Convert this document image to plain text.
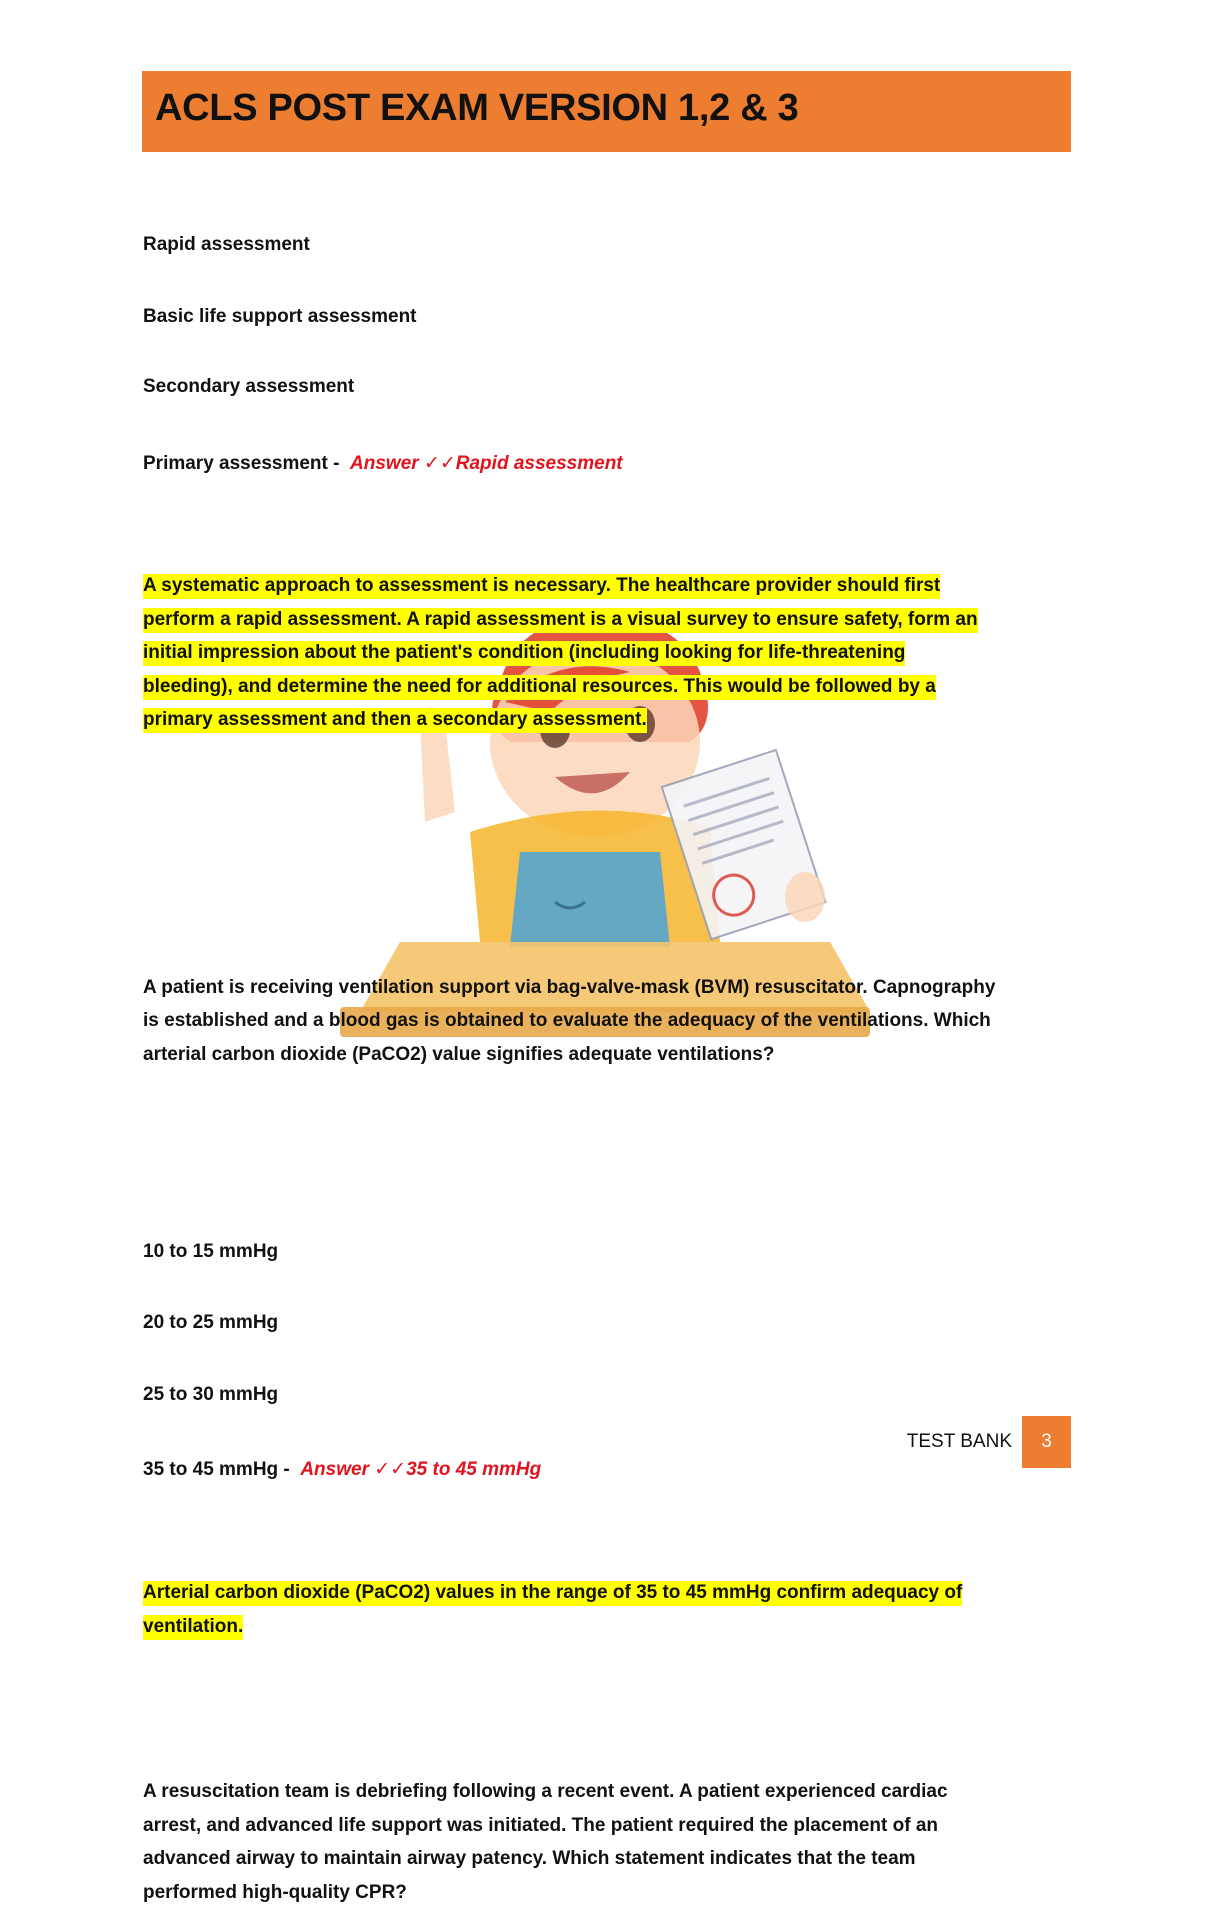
ACLS POST EXAM VERSION 1,2 & 3
Rapid assessment
Basic life support assessment
Secondary assessment
Primary assessment - Answer ✓✓Rapid assessment
A systematic approach to assessment is necessary. The healthcare provider should first
perform a rapid assessment. A rapid assessment is a visual survey to ensure safety, form an
initial impression about the patient's condition (including looking for life-threatening
bleeding), and determine the need for additional resources. This would be followed by a
primary assessment and then a secondary assessment.
A patient is receiving ventilation support via bag-valve-mask (BVM) resuscitator. Capnography
is established and a blood gas is obtained to evaluate the adequacy of the ventilations. Which
arterial carbon dioxide (PaCO2) value signifies adequate ventilations?
10 to 15 mmHg
20 to 25 mmHg
25 to 30 mmHg
35 to 45 mmHg - Answer ✓✓35 to 45 mmHg
Arterial carbon dioxide (PaCO2) values in the range of 35 to 45 mmHg confirm adequacy of
ventilation.
A resuscitation team is debriefing following a recent event. A patient experienced cardiac
arrest, and advanced life support was initiated. The patient required the placement of an
advanced airway to maintain airway patency. Which statement indicates that the team
performed high-quality CPR?
TEST BANK	3
